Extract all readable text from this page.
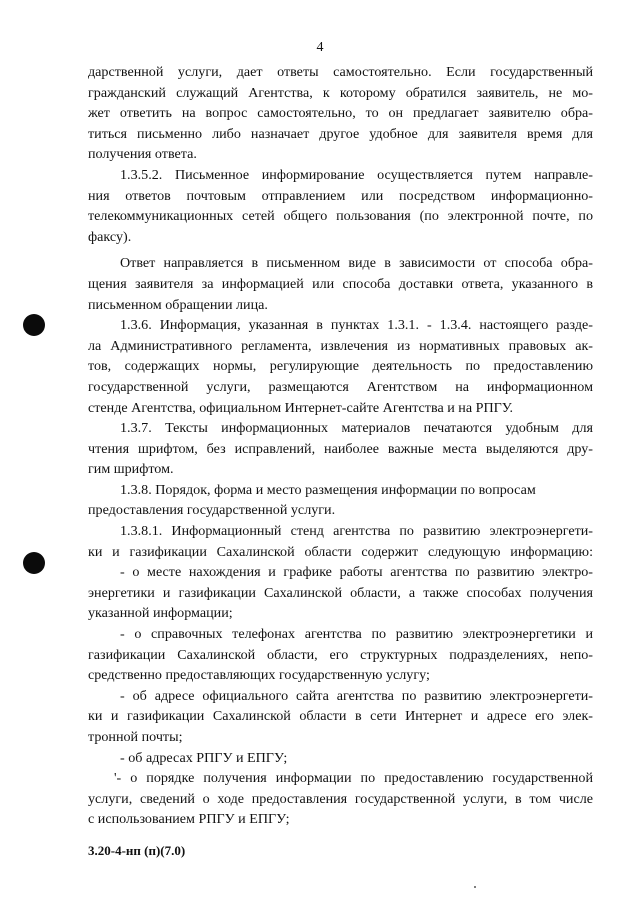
4
дарственной услуги, дает ответы самостоятельно. Если государственный
гражданский служащий Агентства, к которому обратился заявитель, не мо-
жет ответить на вопрос самостоятельно, то он предлагает заявителю обра-
титься письменно либо назначает другое удобное для заявителя время для
получения ответа.
1.3.5.2. Письменное информирование осуществляется путем направле-
ния ответов почтовым отправлением или посредством информационно-
телекоммуникационных сетей общего пользования (по электронной почте, по
факсу).
Ответ направляется в письменном виде в зависимости от способа обра-
щения заявителя за информацией или способа доставки ответа, указанного в
письменном обращении лица.
1.3.6. Информация, указанная в пунктах 1.3.1. - 1.3.4. настоящего разде-
ла Административного регламента, извлечения из нормативных правовых ак-
тов, содержащих нормы, регулирующие деятельность по предоставлению
государственной услуги, размещаются Агентством на информационном
стенде Агентства, официальном Интернет-сайте Агентства и на РПГУ.
1.3.7. Тексты информационных материалов печатаются удобным для
чтения шрифтом, без исправлений, наиболее важные места выделяются дру-
гим шрифтом.
1.3.8. Порядок, форма и место размещения информации по вопросам
предоставления государственной услуги.
1.3.8.1. Информационный стенд агентства по развитию электроэнергети-
ки и газификации Сахалинской области содержит следующую информацию:
- о месте нахождения и графике работы агентства по развитию электро-
энергетики и газификации Сахалинской области, а также способах получения
указанной информации;
- о справочных телефонах агентства по развитию электроэнергетики и
газификации Сахалинской области, его структурных подразделениях, непо-
средственно предоставляющих государственную услугу;
- об адресе официального сайта агентства по развитию электроэнергети-
ки и газификации Сахалинской области в сети Интернет и адресе его элек-
тронной почты;
- об адресах РПГУ и ЕПГУ;
'- о порядке получения информации по предоставлению государственной
услуги, сведений о ходе предоставления государственной услуги, в том числе
с использованием РПГУ и ЕПГУ;
3.20-4-нп (п)(7.0)
